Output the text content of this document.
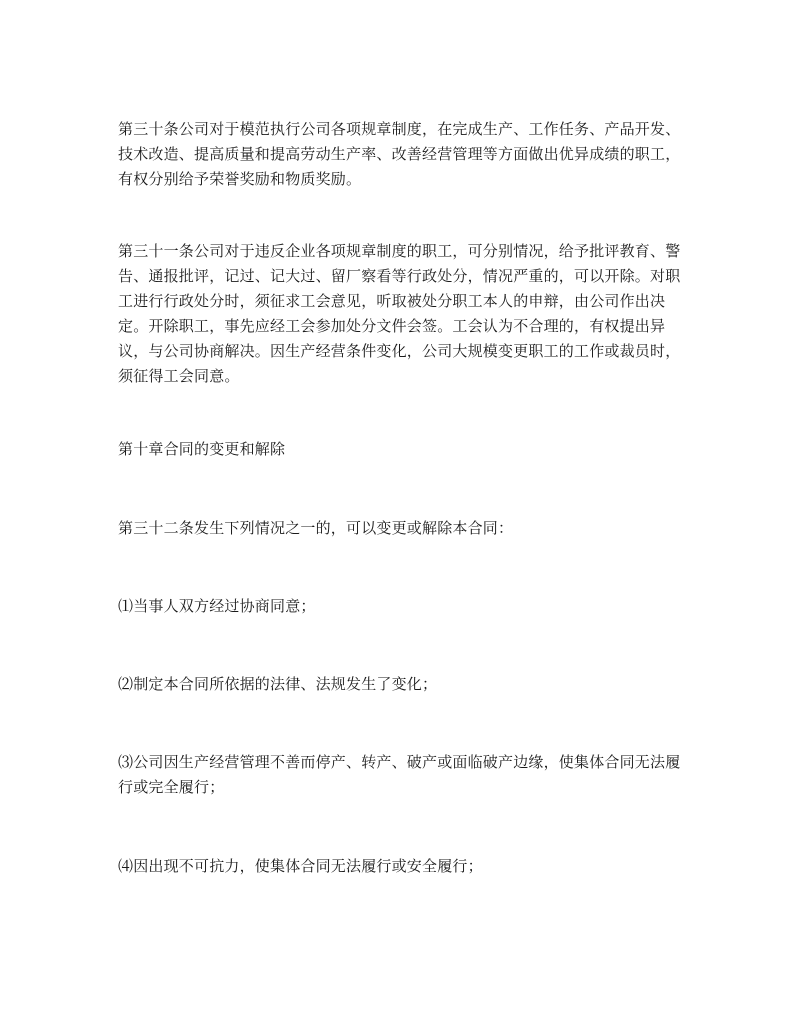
第三十条公司对于模范执行公司各项规章制度，在完成生产、工作任务、产品开发、技术改造、提高质量和提高劳动生产率、改善经营管理等方面做出优异成绩的职工，有权分别给予荣誉奖励和物质奖励。

第三十一条公司对于违反企业各项规章制度的职工，可分别情况，给予批评教育、警告、通报批评，记过、记大过、留厂察看等行政处分，情况严重的，可以开除。对职工进行行政处分时，须征求工会意见，听取被处分职工本人的申辩，由公司作出决定。开除职工，事先应经工会参加处分文件会签。工会认为不合理的，有权提出异议，与公司协商解决。因生产经营条件变化，公司大规模变更职工的工作或裁员时，须征得工会同意。

第十章合同的变更和解除

第三十二条发生下列情况之一的，可以变更或解除本合同：

⑴当事人双方经过协商同意；

⑵制定本合同所依据的法律、法规发生了变化；

⑶公司因生产经营管理不善而停产、转产、破产或面临破产边缘，使集体合同无法履行或完全履行；

⑷因出现不可抗力，使集体合同无法履行或安全履行；
